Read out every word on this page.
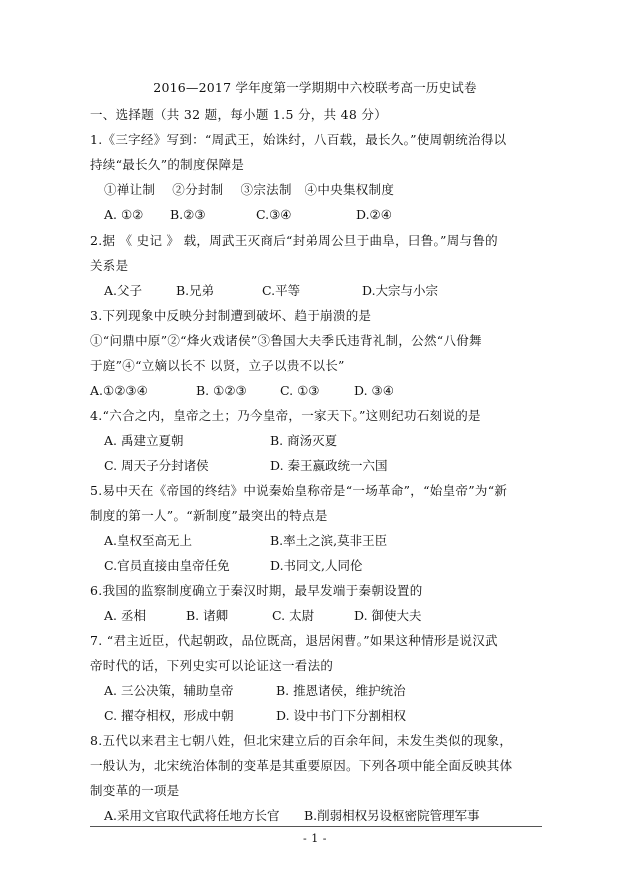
2016—2017 学年度第一学期期中六校联考高一历史试卷
一、选择题（共 32 题，每小题 1.5 分，共 48 分）
1.《三字经》写到：“周武王，始诛纣，八百载，最长久。”使周朝统治得以
持续“最长久”的制度保障是
①禅让制　 ②分封制　 ③宗法制　④中央集权制度
A. ①② B.②③	C.③④	D.②④
2.据 《 史记 》 载，周武王灭商后“封弟周公旦于曲阜，曰鲁。”周与鲁的
关系是
A.父子	B.兄弟	C.平等	D.大宗与小宗
3.下列现象中反映分封制遭到破坏、趋于崩溃的是
①“问鼎中原”②“烽火戏诸侯”③鲁国大夫季氏违背礼制，公然“八佾舞
于庭”④“立嫡以长不 以贤，立子以贵不以长”
A.①②③④	B. ①②③	C. ①③	D. ③④
4.“六合之内，皇帝之土；乃今皇帝，一家天下。”这则纪功石刻说的是
A. 禹建立夏朝	B. 商汤灭夏
C. 周天子分封诸侯	D. 秦王嬴政统一六国
5.易中天在《帝国的终结》中说秦始皇称帝是“一场革命”，“始皇帝”为“新
制度的第一人”。“新制度”最突出的特点是
A.皇权至高无上	B.率土之滨,莫非王臣
C.官员直接由皇帝任免	D.书同文,人同伦
6.我国的监察制度确立于秦汉时期，最早发端于秦朝设置的
A. 丞相	B. 诸卿	C. 太尉	D. 御使大夫
7. “君主近臣，代起朝政，品位既高，退居闲曹。”如果这种情形是说汉武
帝时代的话，下列史实可以论证这一看法的
A. 三公决策，辅助皇帝	B. 推恩诸侯，维护统治
C. 擢夺相权，形成中朝	D. 设中书门下分割相权
8.五代以来君主七朝八姓，但北宋建立后的百余年间，未发生类似的现象，
一般认为，北宋统治体制的变革是其重要原因。下列各项中能全面反映其体
制变革的一项是
A.采用文官取代武将任地方长官 B.削弱相权另设枢密院管理军事
- 1 -
